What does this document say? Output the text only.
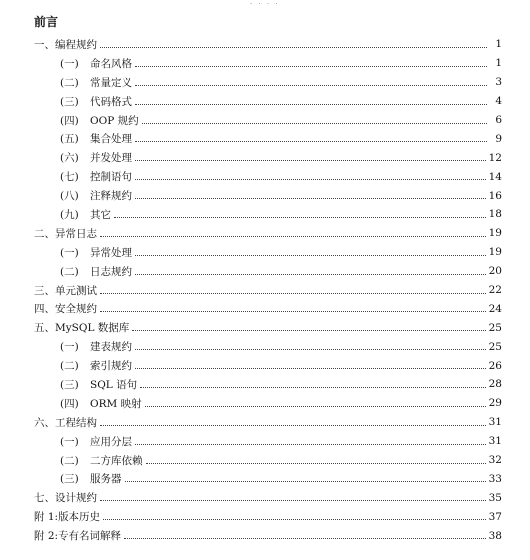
· · · ·
前言
一、 编程规约	1
(一)	命名风格	1
(二)	常量定义	3
(三)	代码格式	4
(四)	OOP 规约	6
(五)	集合处理	9
(六)	并发处理	12
(七)	控制语句	14
(八)	注释规约	16
(九)	其它	18
二、 异常日志	19
(一)	异常处理	19
(二)	日志规约	20
三、 单元测试	22
四、 安全规约	24
五、 MySQL 数据库	25
(一)	建表规约	25
(二)	索引规约	26
(三)	SQL 语句	28
(四)	ORM 映射	29
六、 工程结构	31
(一)	应用分层	31
(二)	二方库依赖	32
(三)	服务器	33
七、 设计规约	35
附 1: 版本历史	37
附 2: 专有名词解释	38
